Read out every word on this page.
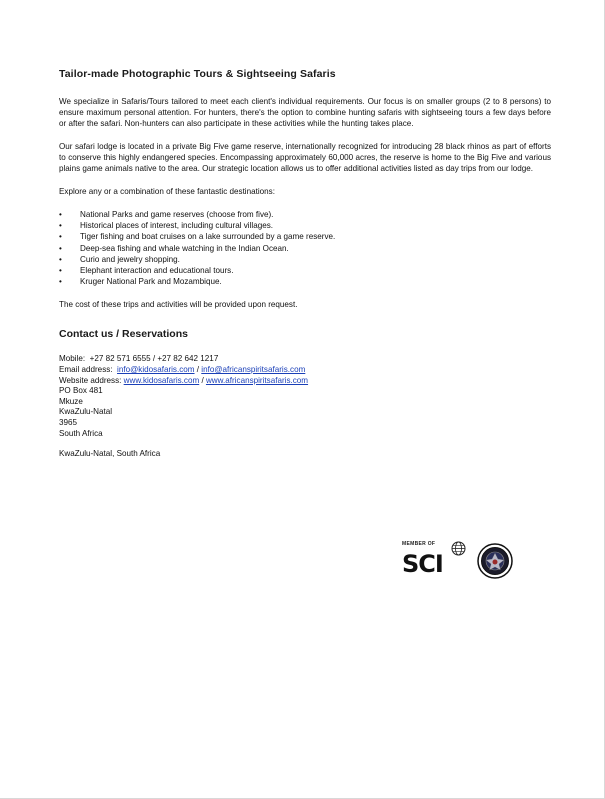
Tailor-made Photographic Tours & Sightseeing Safaris

We specialize in Safaris/Tours tailored to meet each client's individual requirements. Our focus is on smaller groups (2 to 8 persons) to ensure maximum personal attention. For hunters, there's the option to combine hunting safaris with sightseeing tours a few days before or after the safari. Non-hunters can also participate in these activities while the hunting takes place.

Our safari lodge is located in a private Big Five game reserve, internationally recognized for introducing 28 black rhinos as part of efforts to conserve this highly endangered species. Encompassing approximately 60,000 acres, the reserve is home to the Big Five and various plains game animals native to the area. Our strategic location allows us to offer additional activities listed as day trips from our lodge.

Explore any or a combination of these fantastic destinations:

• National Parks and game reserves (choose from five).
• Historical places of interest, including cultural villages.
• Tiger fishing and boat cruises on a lake surrounded by a game reserve.
• Deep-sea fishing and whale watching in the Indian Ocean.
• Curio and jewelry shopping.
• Elephant interaction and educational tours.
• Kruger National Park and Mozambique.

The cost of these trips and activities will be provided upon request.

Contact us / Reservations
Mobile: +27 82 571 6555 / +27 82 642 1217
Email address: info@kidosafaris.com / info@africanspiritsafaris.com
Website address: www.kidosafaris.com / www.africanspiritsafaris.com
PO Box 481
Mkuze
KwaZulu-Natal
3965
South Africa
KwaZulu-Natal, South Africa
MEMBER OF
SCI
